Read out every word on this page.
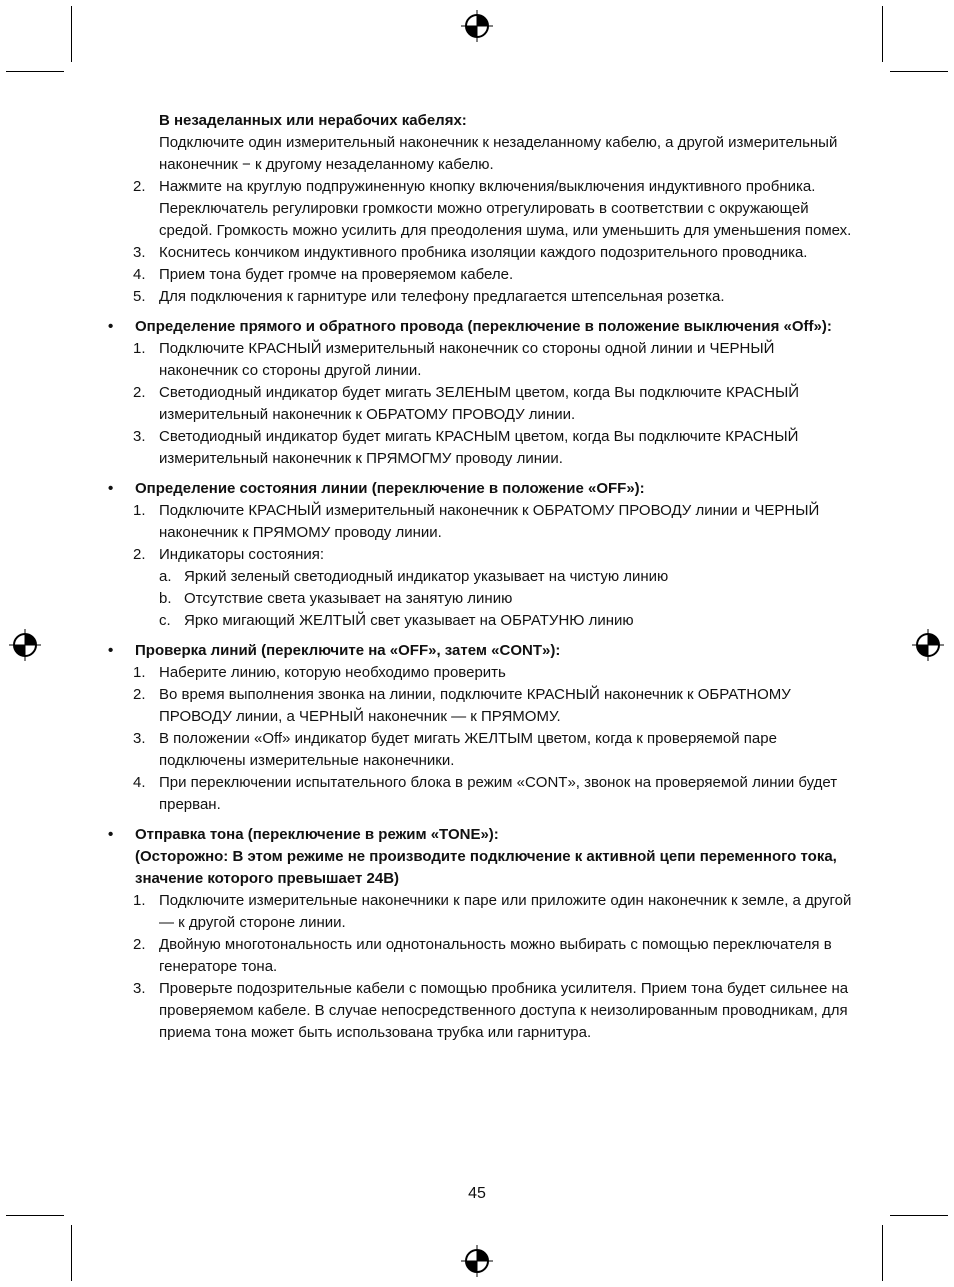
В незаделанных или нерабочих кабелях:
Подключите один измерительный наконечник к незаделанному кабелю, а другой измерительный наконечник − к другому незаделанному кабелю.
2. Нажмите на круглую подпружиненную кнопку включения/выключения индуктивного пробника. Переключатель регулировки громкости можно отрегулировать в соответствии с окружающей средой. Громкость можно усилить для преодоления шума, или уменьшить для уменьшения помех.
3. Коснитесь кончиком индуктивного пробника изоляции каждого подозрительного проводника.
4. Прием тона будет громче на проверяемом кабеле.
5. Для подключения к гарнитуре или телефону предлагается штепсельная розетка.
• Определение прямого и обратного провода (переключение в положение выключения «Off»):
1. Подключите КРАСНЫЙ измерительный наконечник со стороны одной линии и ЧЕРНЫЙ наконечник со стороны другой линии.
2. Светодиодный индикатор будет мигать ЗЕЛЕНЫМ цветом, когда Вы подключите КРАСНЫЙ измерительный наконечник к ОБРАТОМУ ПРОВОДУ линии.
3. Светодиодный индикатор будет мигать КРАСНЫМ цветом, когда Вы подключите КРАСНЫЙ измерительный наконечник к ПРЯМОГМУ проводу линии.
• Определение состояния линии (переключение в положение «OFF»):
1. Подключите КРАСНЫЙ измерительный наконечник к ОБРАТОМУ ПРОВОДУ линии и ЧЕРНЫЙ наконечник к ПРЯМОМУ проводу линии.
2. Индикаторы состояния:
a. Яркий зеленый светодиодный индикатор указывает на чистую линию
b. Отсутствие света указывает на занятую линию
c. Ярко мигающий ЖЕЛТЫЙ свет указывает на ОБРАТУНЮ линию
• Проверка линий (переключите на «OFF», затем «CONT»):
1. Наберите линию, которую необходимо проверить
2. Во время выполнения звонка на линии, подключите КРАСНЫЙ наконечник к ОБРАТНОМУ ПРОВОДУ линии, а ЧЕРНЫЙ наконечник — к ПРЯМОМУ.
3. В положении «Off» индикатор будет мигать ЖЕЛТЫМ цветом, когда к проверяемой паре подключены измерительные наконечники.
4. При переключении испытательного блока в режим «CONT», звонок на проверяемой линии будет прерван.
• Отправка тона (переключение в режим «TONE»):
(Осторожно: В этом режиме не производите подключение к активной цепи переменного тока, значение которого превышает 24В)
1. Подключите измерительные наконечники к паре или приложите один наконечник к земле, а другой — к другой стороне линии.
2. Двойную многотональность или однотональность можно выбирать с помощью переключателя в генераторе тона.
3. Проверьте подозрительные кабели с помощью пробника усилителя. Прием тона будет сильнее на проверяемом кабеле. В случае непосредственного доступа к неизолированным проводникам, для приема тона может быть использована трубка или гарнитура.
45
